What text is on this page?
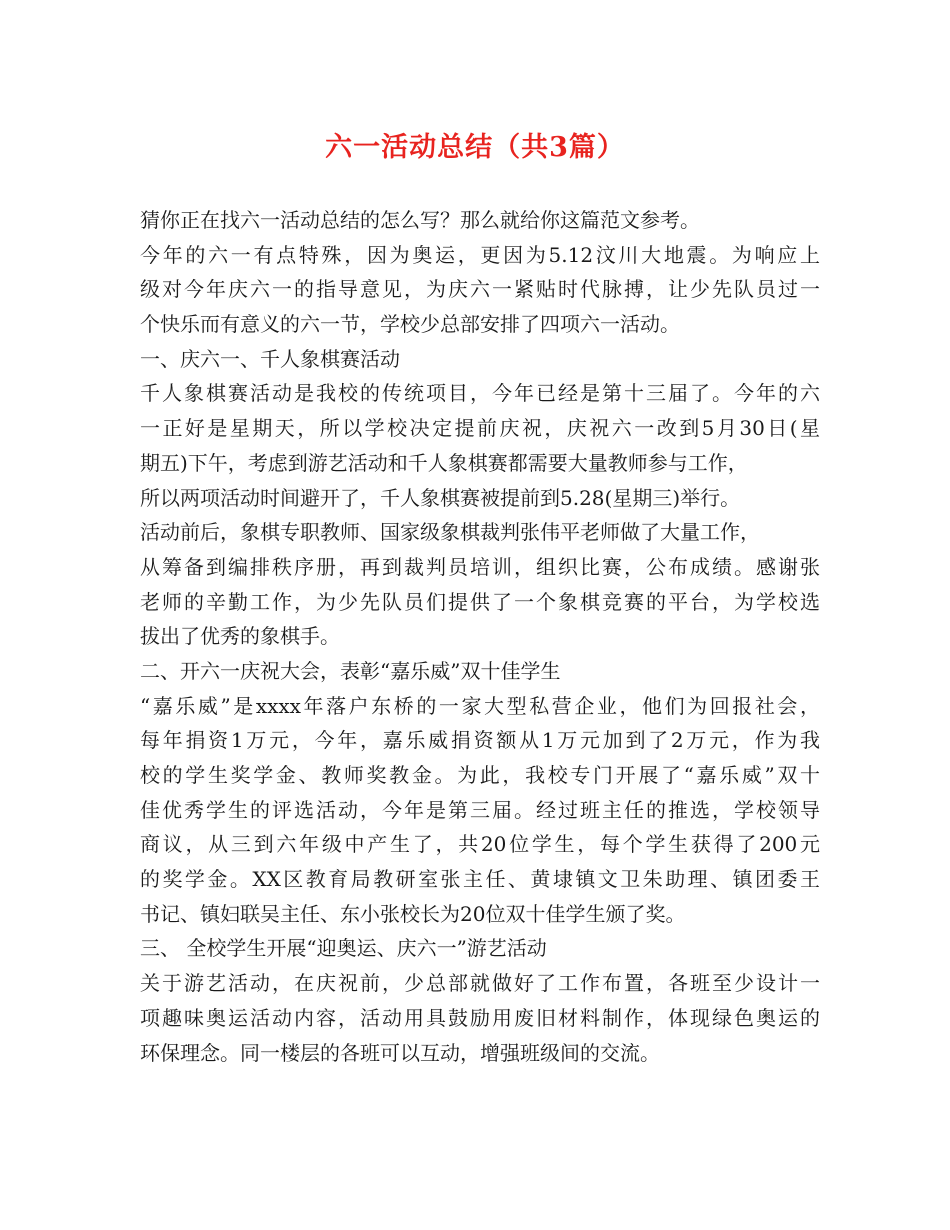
六一活动总结（共3篇）
猜你正在找六一活动总结的怎么写？那么就给你这篇范文参考。
今年的六一有点特殊，因为奥运，更因为5.12汶川大地震。为响应上
级对今年庆六一的指导意见，为庆六一紧贴时代脉搏，让少先队员过一
个快乐而有意义的六一节，学校少总部安排了四项六一活动。
一、庆六一、千人象棋赛活动
千人象棋赛活动是我校的传统项目，今年已经是第十三届了。今年的六
一正好是星期天，所以学校决定提前庆祝，庆祝六一改到5月30日(星
期五)下午，考虑到游艺活动和千人象棋赛都需要大量教师参与工作，
所以两项活动时间避开了，千人象棋赛被提前到5.28(星期三)举行。
活动前后，象棋专职教师、国家级象棋裁判张伟平老师做了大量工作，
从筹备到编排秩序册，再到裁判员培训，组织比赛，公布成绩。感谢张
老师的辛勤工作，为少先队员们提供了一个象棋竞赛的平台，为学校选
拔出了优秀的象棋手。
二、开六一庆祝大会，表彰“嘉乐威”双十佳学生
“嘉乐威”是xxxx年落户东桥的一家大型私营企业，他们为回报社会，
每年捐资1万元，今年，嘉乐威捐资额从1万元加到了2万元，作为我
校的学生奖学金、教师奖教金。为此，我校专门开展了“嘉乐威”双十
佳优秀学生的评选活动，今年是第三届。经过班主任的推选，学校领导
商议，从三到六年级中产生了，共20位学生，每个学生获得了200元
的奖学金。XX区教育局教研室张主任、黄埭镇文卫朱助理、镇团委王
书记、镇妇联吴主任、东小张校长为20位双十佳学生颁了奖。
三、 全校学生开展“迎奥运、庆六一”游艺活动
关于游艺活动，在庆祝前，少总部就做好了工作布置，各班至少设计一
项趣味奥运活动内容，活动用具鼓励用废旧材料制作，体现绿色奥运的
环保理念。同一楼层的各班可以互动，增强班级间的交流。
